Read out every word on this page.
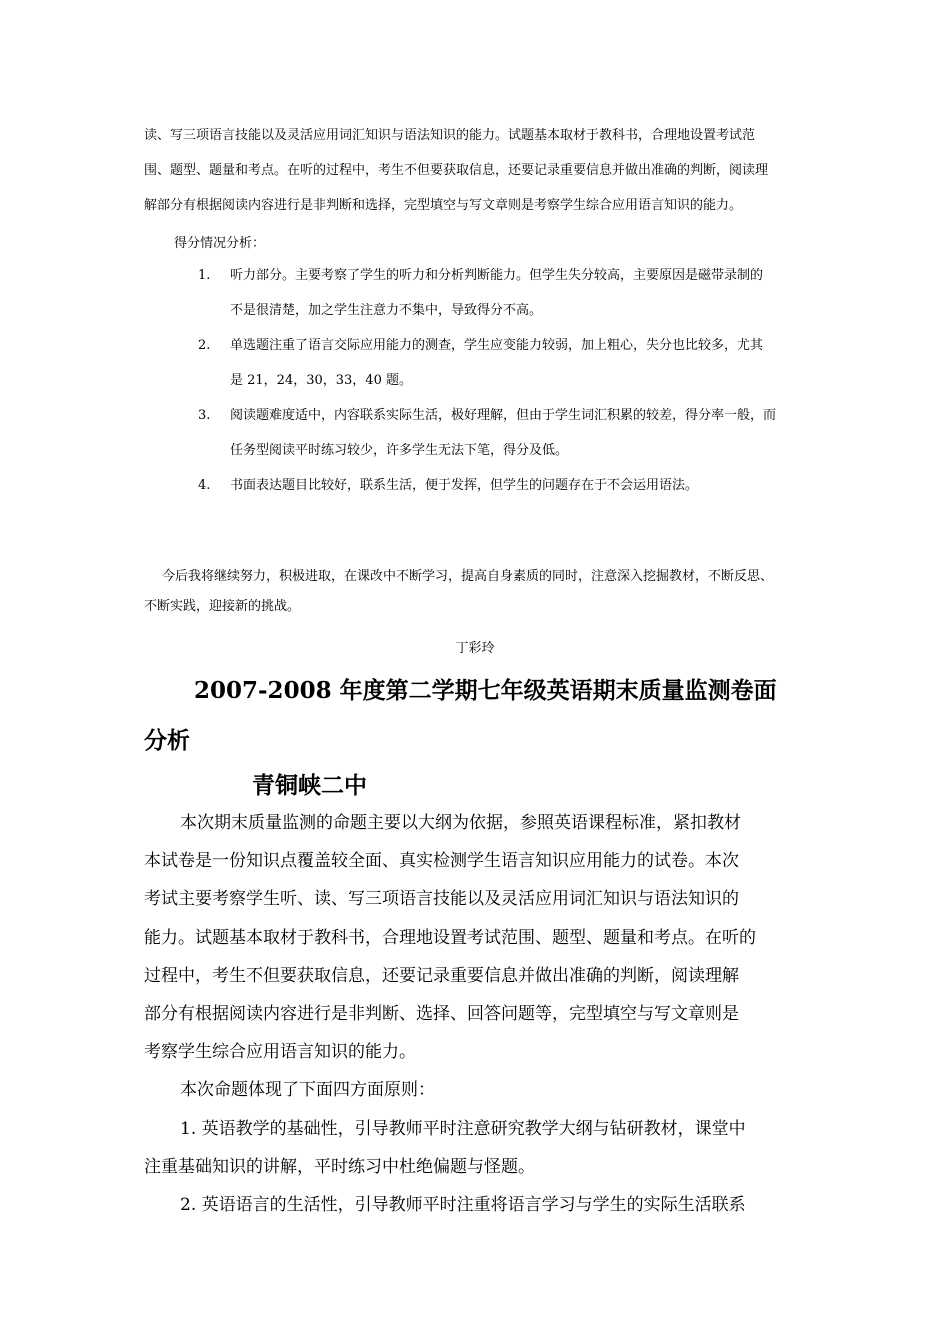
读、写三项语言技能以及灵活应用词汇知识与语法知识的能力。试题基本取材于教科书，合理地设置考试范
围、题型、题量和考点。在听的过程中，考生不但要获取信息，还要记录重要信息并做出准确的判断，阅读理
解部分有根据阅读内容进行是非判断和选择，完型填空与写文章则是考察学生综合应用语言知识的能力。
得分情况分析：
1. 听力部分。主要考察了学生的听力和分析判断能力。但学生失分较高，主要原因是磁带录制的
不是很清楚，加之学生注意力不集中，导致得分不高。
2. 单选题注重了语言交际应用能力的测查，学生应变能力较弱，加上粗心，失分也比较多，尤其
是 21，24，30，33，40 题。
3. 阅读题难度适中，内容联系实际生活，极好理解，但由于学生词汇积累的较差，得分率一般，而
任务型阅读平时练习较少，许多学生无法下笔，得分及低。
4. 书面表达题目比较好，联系生活，便于发挥，但学生的问题存在于不会运用语法。
今后我将继续努力，积极进取，在课改中不断学习，提高自身素质的同时，注意深入挖掘教材，不断反思、
不断实践，迎接新的挑战。
丁彩玲
2007-2008 年度第二学期七年级英语期末质量监测卷面
分析
青铜峡二中
本次期末质量监测的命题主要以大纲为依据，参照英语课程标准，紧扣教材
本试卷是一份知识点覆盖较全面、真实检测学生语言知识应用能力的试卷。本次
考试主要考察学生听、读、写三项语言技能以及灵活应用词汇知识与语法知识的
能力。试题基本取材于教科书，合理地设置考试范围、题型、题量和考点。在听的
过程中，考生不但要获取信息，还要记录重要信息并做出准确的判断，阅读理解
部分有根据阅读内容进行是非判断、选择、回答问题等，完型填空与写文章则是
考察学生综合应用语言知识的能力。
本次命题体现了下面四方面原则：
1. 英语教学的基础性，引导教师平时注意研究教学大纲与钻研教材，课堂中
注重基础知识的讲解，平时练习中杜绝偏题与怪题。
2. 英语语言的生活性，引导教师平时注重将语言学习与学生的实际生活联系
